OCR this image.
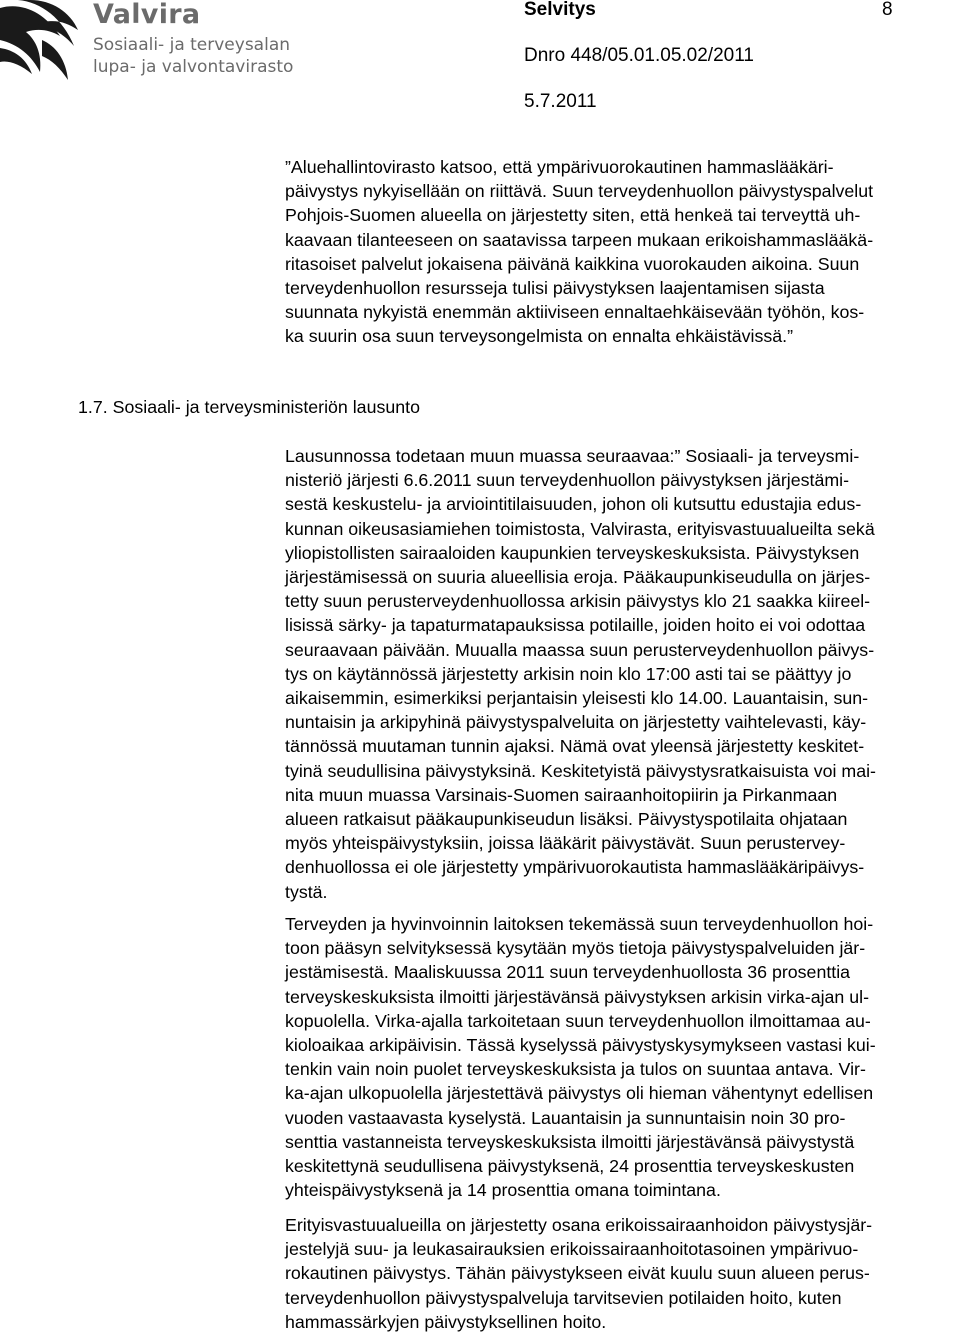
Valvira
Sosiaali- ja terveysalan
lupa- ja valvontavirasto
Selvitys	8
Dnro 448/05.01.05.02/2011
5.7.2011
”Aluehallintovirasto katsoo, että ympärivuorokautinen hammaslääkäri-
päivystys nykyisellään on riittävä. Suun terveydenhuollon päivystyspalvelut
Pohjois-Suomen alueella on järjestetty siten, että henkeä tai terveyttä uh-
kaavaan tilanteeseen on saatavissa tarpeen mukaan erikoishammaslääkä-
ritasoiset palvelut jokaisena päivänä kaikkina vuorokauden aikoina. Suun
terveydenhuollon resursseja tulisi päivystyksen laajentamisen sijasta
suunnata nykyistä enemmän aktiiviseen ennaltaehkäisevään työhön, kos-
ka suurin osa suun terveysongelmista on ennalta ehkäistävissä.”
1.7. Sosiaali- ja terveysministeriön lausunto
Lausunnossa todetaan muun muassa seuraavaa:” Sosiaali- ja terveysmi-
nisteriö järjesti 6.6.2011 suun terveydenhuollon päivystyksen järjestämi-
sestä keskustelu- ja arviointitilaisuuden, johon oli kutsuttu edustajia edus-
kunnan oikeusasiamiehen toimistosta, Valvirasta, erityisvastuualueilta sekä
yliopistollisten sairaaloiden kaupunkien terveyskeskuksista. Päivystyksen
järjestämisessä on suuria alueellisia eroja. Pääkaupunkiseudulla on järjes-
tetty suun perusterveydenhuollossa arkisin päivystys klo 21 saakka kiireel-
lisissä särky- ja tapaturmatapauksissa potilaille, joiden hoito ei voi odottaa
seuraavaan päivään. Muualla maassa suun perusterveydenhuollon päivys-
tys on käytännössä järjestetty arkisin noin klo 17:00 asti tai se päättyy jo
aikaisemmin, esimerkiksi perjantaisin yleisesti klo 14.00. Lauantaisin, sun-
nuntaisin ja arkipyhinä päivystyspalveluita on järjestetty vaihtelevasti, käy-
tännössä muutaman tunnin ajaksi. Nämä ovat yleensä järjestetty keskitet-
tyinä seudullisina päivystyksinä. Keskitetyistä päivystysratkaisuista voi mai-
nita muun muassa Varsinais-Suomen sairaanhoitopiirin ja Pirkanmaan
alueen ratkaisut pääkaupunkiseudun lisäksi. Päivystyspotilaita ohjataan
myös yhteispäivystyksiin, joissa lääkärit päivystävät. Suun perustervey-
denhuollossa ei ole järjestetty ympärivuorokautista hammaslääkäripäivys-
tystä.
Terveyden ja hyvinvoinnin laitoksen tekemässä suun terveydenhuollon hoi-
toon pääsyn selvityksessä kysytään myös tietoja päivystyspalveluiden jär-
jestämisestä. Maaliskuussa 2011 suun terveydenhuollosta 36 prosenttia
terveyskeskuksista ilmoitti järjestävänsä päivystyksen arkisin virka-ajan ul-
kopuolella. Virka-ajalla tarkoitetaan suun terveydenhuollon ilmoittamaa au-
kioloaikaa arkipäivisin. Tässä kyselyssä päivystyskysymykseen vastasi kui-
tenkin vain noin puolet terveyskeskuksista ja tulos on suuntaa antava. Vir-
ka-ajan ulkopuolella järjestettävä päivystys oli hieman vähentynyt edellisen
vuoden vastaavasta kyselystä. Lauantaisin ja sunnuntaisin noin 30 pro-
senttia vastanneista terveyskeskuksista ilmoitti järjestävänsä päivystystä
keskitettynä seudullisena päivystyksenä, 24 prosenttia terveyskeskusten
yhteispäivystyksenä ja 14 prosenttia omana toimintana.
Erityisvastuualueilla on järjestetty osana erikoissairaanhoidon päivystysjär-
jestelyjä suu- ja leukasairauksien erikoissairaanhoitotasoinen ympärivuo-
rokautinen päivystys. Tähän päivystykseen eivät kuulu suun alueen perus-
terveydenhuollon päivystyspalveluja tarvitsevien potilaiden hoito, kuten
hammassärkyjen päivystyksellinen hoito.
